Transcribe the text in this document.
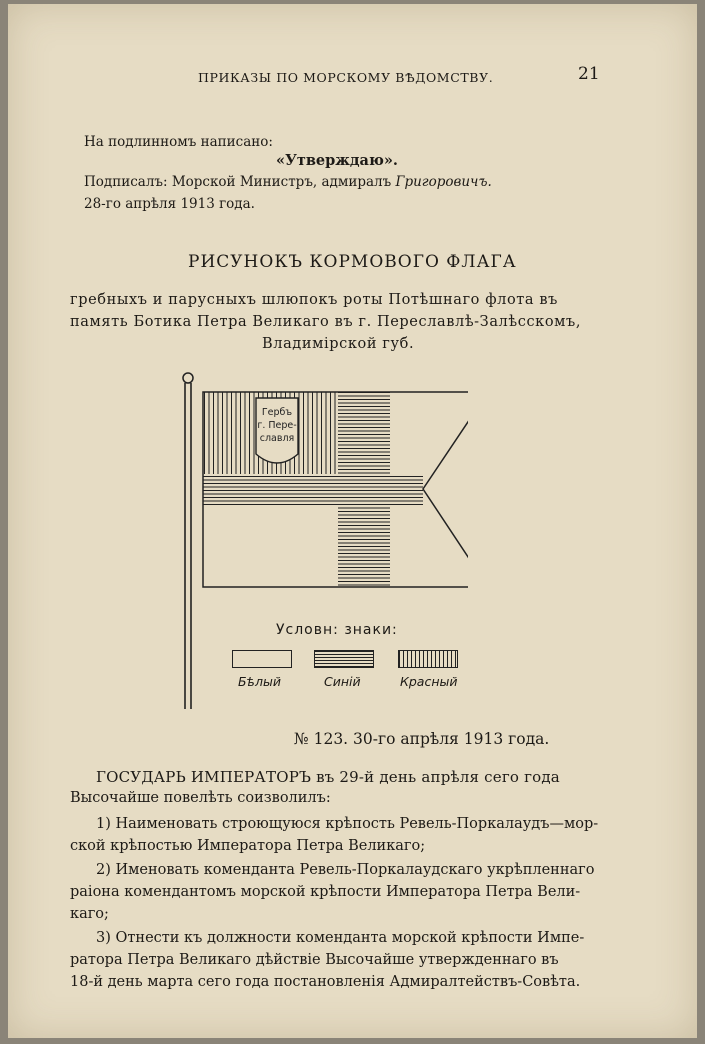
ПРИКАЗЫ ПО МОРСКОМУ ВѢДОМСТВУ.	21
На подлинномъ написано:
«Утверждаю».
Подписалъ: Морской Министръ, адмиралъ Григоровичъ.
28-го апрѣля 1913 года.
РИСУНОКЪ КОРМОВОГО ФЛАГА
гребныхъ и парусныхъ шлюпокъ роты Потѣшнаго флота въ
память Ботика Петра Великаго въ г. Переславлѣ-Залѣсскомъ,
Владимірской губ.
Гербъ
г. Пере-
славля
Условн: знаки:
Бѣлый	Синій	Красный
№ 123. 30-го апрѣля 1913 года.
ГОСУДАРЬ ИМПЕРАТОРЪ въ 29-й день апрѣля сего года
Высочайше повелѣть соизволилъ:
1) Наименовать строющуюся крѣпость Ревель-Поркалаудъ—мор-
ской крѣпостью Императора Петра Великаго;
2) Именовать коменданта Ревель-Поркалаудскаго укрѣпленнаго
раіона комендантомъ морской крѣпости Императора Петра Вели-
каго;
3) Отнести къ должности коменданта морской крѣпости Импе-
ратора Петра Великаго дѣйствіе Высочайше утвержденнаго въ
18-й день марта сего года постановленія Адмиралтействъ-Совѣта.
